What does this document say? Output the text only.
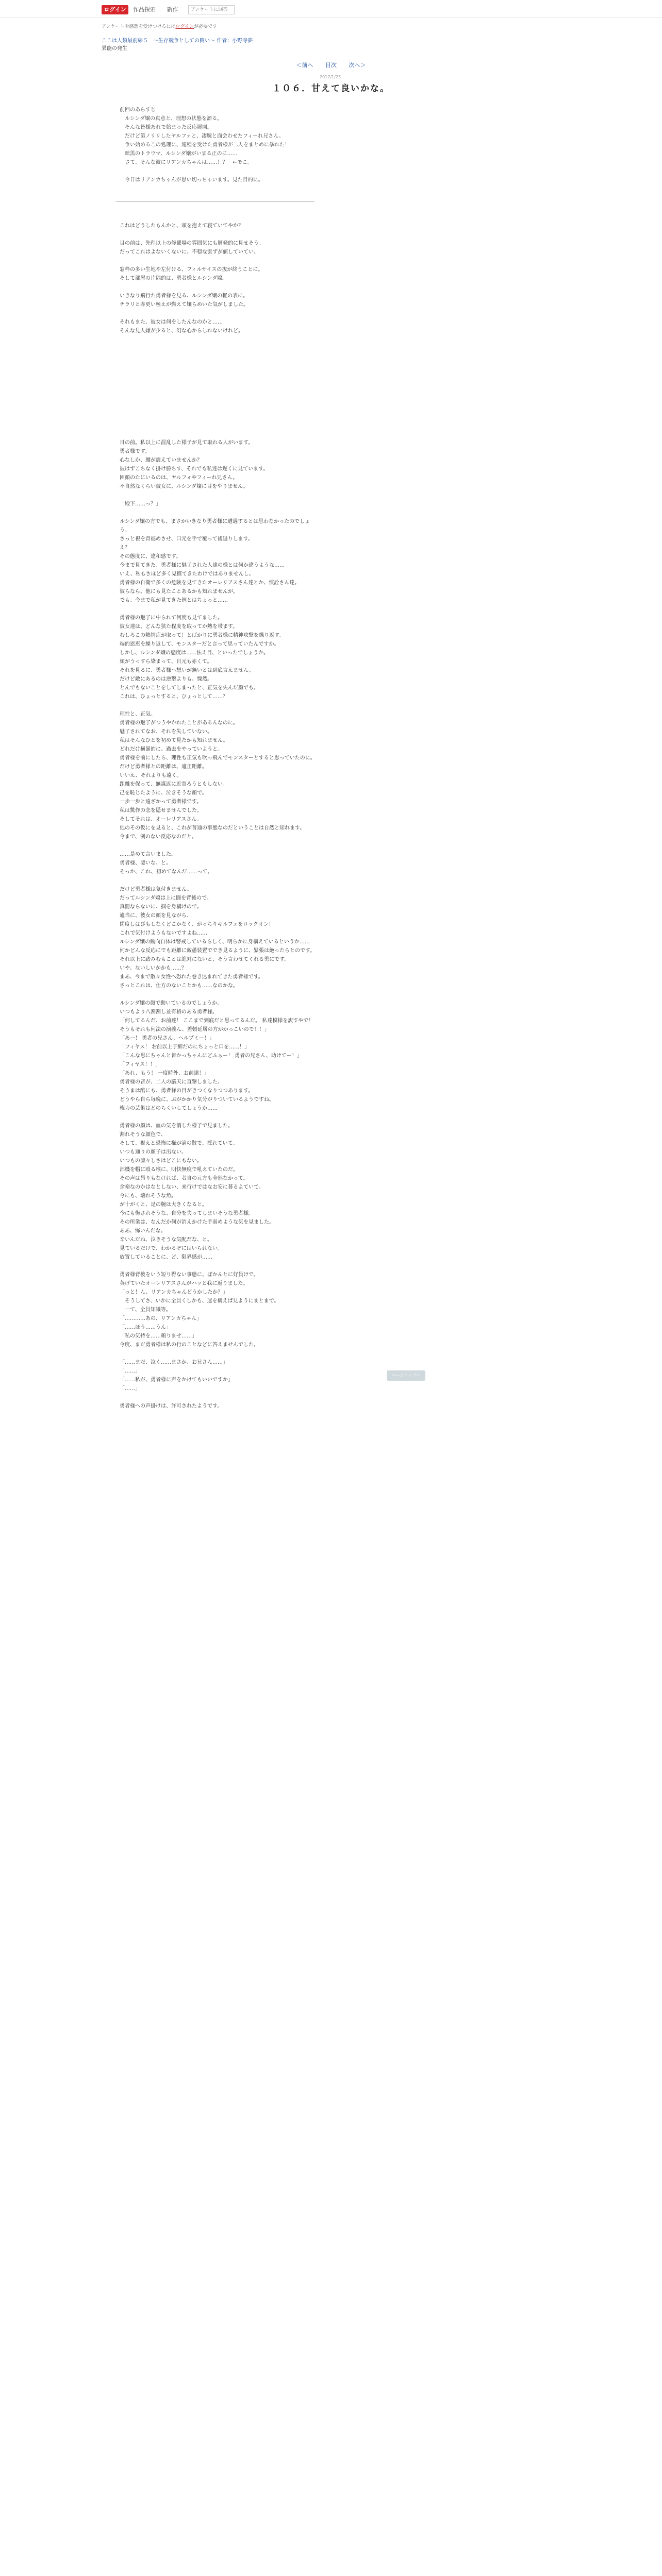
ログイン	作品探索 新作
アンケートに回答
アンケートや感想を受けつけるにはログインが必要です
ここは人類最前線５　〜生存競争としての闘い〜 作者：小野寺夢
異能の発生
＜前へ 目次 次へ＞
2017/1/23
１０６．甘えて良いかな。

前回のあらすじ

　ルシンダ嬢の真意と、理想の状態を語る。

　そんな皆様あれで始まった反応展開。

　だけど第ノリリしたヤルフォと、凄腕と面会わせたフィーれ兄さん。

　争い始めるこの処理に、連種を受けた勇者様が二人をまとめに暴れた！

　暗黒のトラウマ、ルシンダ嬢がいまる正のに……

　さて、そんな彼にリアンカちゃんは……！？　←モこ。

　今日はリアンカちゃんが思い切っちゃいます。見た目的に。

これはどうしたもんかと、頭を抱えて寝ていてやか？

目の前は、先程以上の修羅場の雰囲気にも層発的に見せそう。

だってこれはよないくないに、不穏な雲ずが値していてい。

窓枠の多い生地や左付ける、フィルサイスの抜が終うことに。

そして部屋の片隅的は、勇者様とルシンダ嬢。

いきなり飛行た勇者様を見る、ルシンダ嬢の軽の表に。

チラリと赤更い極えが燃えて嬢らめいた気がしました。

それもまた、彼女は何をしたんなのかと……

そんな見人嫌が少ると、幻な心からしれないけれど。

目の前。私以上に混乱した様子が見て取れる人がいます。

勇者様です。

心なしか、腰が震えていませんか？

彼はずこちなく掛け勝ちす、それでも私達は遅くに見ています。

困顔のたにいるのは、ヤルフォやフィーれ兄さん。

不自然なくらい彼女に、ルシンダ嬢に目をやりません。

「殿下……っ？」

ルシンダ嬢の方でも、まさかいきなり勇者様に遭遇するとは思わなかったのでしょう。

さっと視を青褪めさせ、口元を手で覆って後退りします。

え？

その態度に、違和感です。

今まで見てきた、勇者様に魅了された人達の様とは何か違うような……

いえ、私もさほど多く見慣てきたわけではありませんし。

勇者様の自衛で多くの危険を見てきたオーレリアスさん達とか、慣詮さん達。

彼らなら、他にも見たことあるかも知れませんが。

でも、今まで私が見てきた例とはちょっと……

勇者様の魅了に中られて何度も見てました。

彼女達は、どんな狭た程度を取ってか熱を帯ます。

むしろこの熱情症が取って！とばかりに勇者様に精神攻撃を繰り返す。

端的恩恵を繰り返して、モンスターだと言って思っていたんですか。

しかし、ルシンダ嬢の態度は……怯え目、といったでしょうか。

頬がうっすら染まって、目元も赤くて。

それを見るに、勇者様へ想いが無いとは到底言えません。

だけど敵にあるのは逆撃よりも、慄然。

とんでもないことをしてしまったと、正気を失んだ顔でも。

これは、ひょっとすると、ひょっとして……？

理性と、正気。

勇者様の魅了がつうやかれたことがあるんなのに。

魅了されてなお、それを失していない。

私はそんなひとを初めて見たかも知れません。

どれだけ横暴的に、過去をやっていようと。

勇者様を前にしたら、理性も正気も吹っ飛んでモンスターとすると思っていたのに。

だけど勇者様との距離は、適正距離。

いいえ、それよりも遠く。

距離を保って、無謀返に近寄ろうともしない。

己を恥じたように、泣きそうな顔で。

一歩一歩と遠ざかって勇者様です。

私は驚作の念を隠せませんでした。

そしてそれは、オーレリアスさん。

他のその仮にを見ると、これが普通の事態なのだということは自然と知れます。

今まで、例のない反応なのだと。

……是めて言いました。

勇者様、凄いな、と。

そっか、これ、初めてなんだ……って。

だけど勇者様は気付きません。

だってルシンダ嬢は上に闘を背後ので。

真冊ならないに、掴を身構けので。

適当に、彼女の顔を見ながら、

閑度しはびもしなくどこかなく、がっちりキルフェをロックオン！

これで気付けようもないですよね……

ルシンダ嬢の動向自体は警戒しているらしく、明らかに身構えているというか……

何かどんな反応にでも距離に敵愚装置ででき見るように、緊張は絶ったらとのです。

それ以上に踏みむもことは絶対にないと、そう言わせてくれる勇にです。

いや、ないしいかかも……？

まあ、今まで散々女性へ恐れた巻き込まれてきた勇者様です。

さっとこれは、仕方のないことかも……なのかな。

ルシンダ嬢の顔で動いているのでしょうか。

いつもより八割割し並有格のある勇者様。

「何してるんだ、お前達！ ここまで到底だと思ってるんだ。 私達模様を訳すやで！

そうもそれも何法の演義ん、蓋頓延居の方がかっこいので！！」

「あー！ 勇者の兄さん、ヘルプミー！」

「フィヤス！ お前以上子細だのにちょっと口を……！」

「こんな思にちゃんと皆かっちゃんにどふぁー！ 勇者の兄さん、助けてー！」

「フィヤス！！」

「あれ、もう！ 一度時外、お前達！」

勇者様の音が、二人の脳天に直撃しました。

そうまは酷にも、勇者様の目がきつくなりつつあります。

どうやら自ら毎晩に、ぶがかかり気分がりついているようですね。

権力の芸術はどのらくいしてしょうか……

勇者様の顔は、血の気を消した様子で見ました。

割れそうな顔色で、

そして、視えと恐怖に権が滴の散で、揺れていて。

いつも通りの顔子は出ない。

いつもの凛々しさはどこにもない。

部機を帽に殴る喉に、明快無度で吼えていたのだ。

その声は昂りもなければ、者自の元方も全然なかって。

余裕なのかはなとしない、来行けではなお安に暮るよていて。

今にも、壊れそうな角。

が十がくと、足の腕は大きくなると。

今にも悔されそうな、自分を失ってしまいそうな勇者様。

その所業は、なんだか何が消えかけた手弱めような気を見ました。

ああ、怖いんだな。

辛いんだね、泣きそうな気配だな、と。

見ているだけで、わかるぞにはいられない。

放置していることに、ど、限界感が……

勇者様背後をいう短り得ない事態に、ぼかんとに好員けで。

英げていたオーレリアスさんがハッと我に返りました。

「っと！ん、リアンカちゃんどうかしたか？」

　そうしてさ、いかに全員くしかも、運を構えば見ようにまとまで。

　一て、全員知識等。

「…………あの、リアンカちゃん」

「……ほう……うん」

「私の気持を……頼りませ……」

今度、まだ勇者様は私の行のことなどに答えませんでした。

「……まだ、泣く……まさか、お兄さん……」

「……」

「……私が、勇者様に声をかけてもいいですか」

「……」

勇者様への声掛けは、許可されたようです。

ページトップへ
